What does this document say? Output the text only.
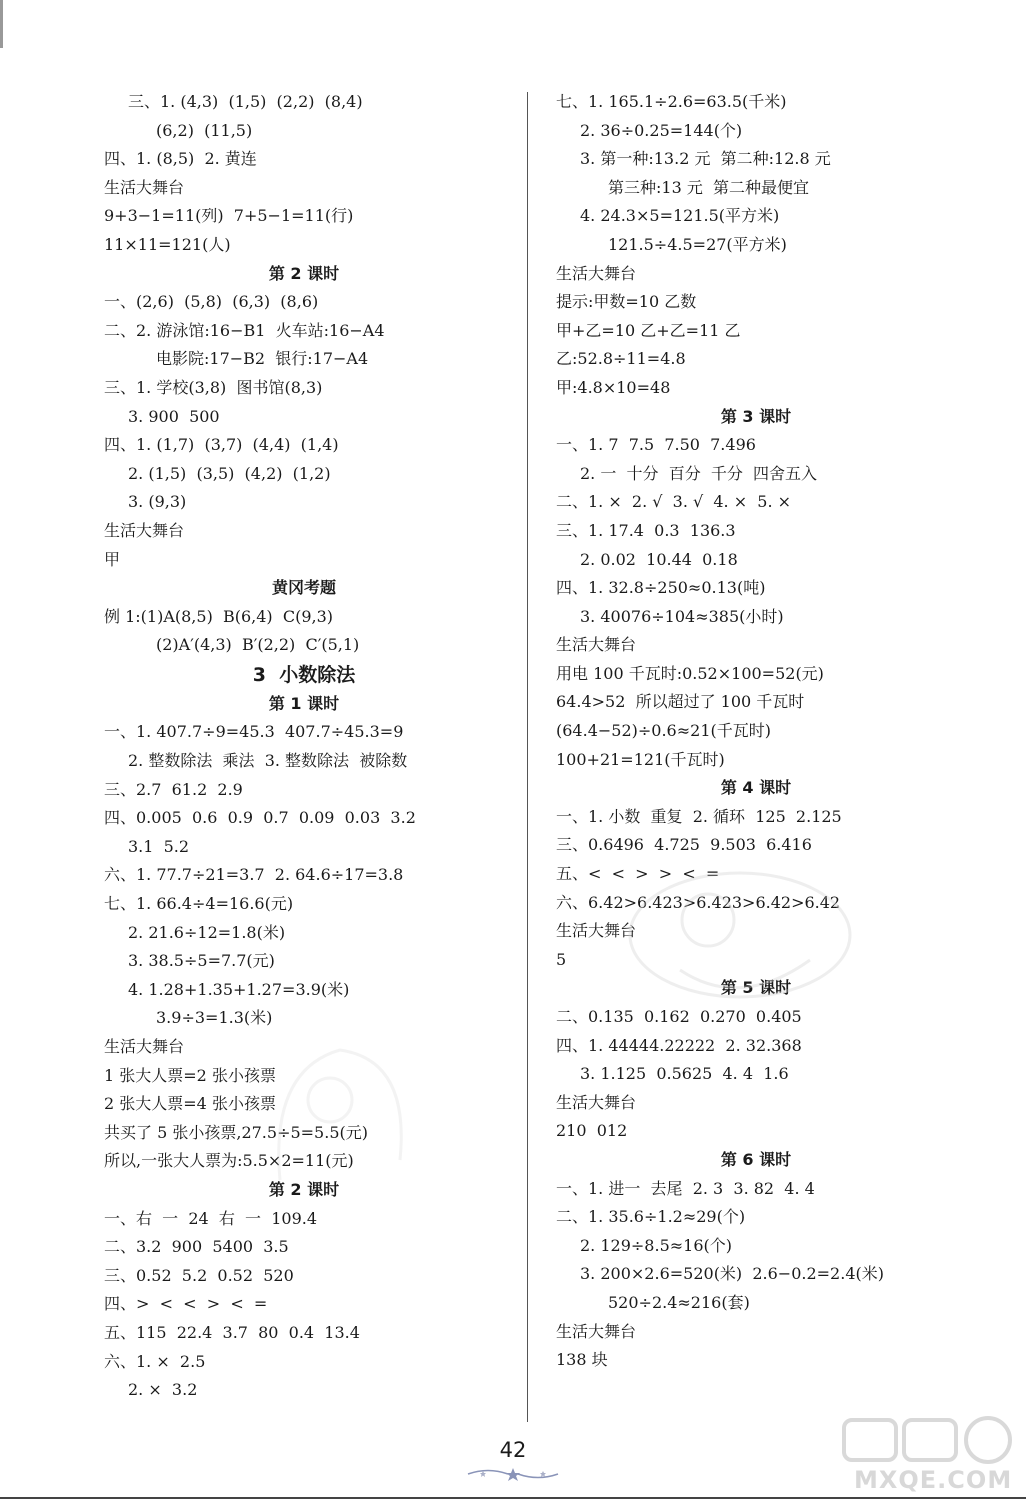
三、1. (4,3)  (1,5)  (2,2)  (8,4)
(6,2)  (11,5)
四、1. (8,5)  2. 黄连
生活大舞台
9+3−1=11(列)  7+5−1=11(行)
11×11=121(人)
第 2 课时
一、(2,6)  (5,8)  (6,3)  (8,6)
二、2. 游泳馆:16−B1  火车站:16−A4
电影院:17−B2  银行:17−A4
三、1. 学校(3,8)  图书馆(8,3)
3. 900  500
四、1. (1,7)  (3,7)  (4,4)  (1,4)
2. (1,5)  (3,5)  (4,2)  (1,2)
3. (9,3)
生活大舞台
甲
黄冈考题
例 1:(1)A(8,5)  B(6,4)  C(9,3)
(2)A′(4,3)  B′(2,2)  C′(5,1)
3  小数除法
第 1 课时
一、1. 407.7÷9=45.3  407.7÷45.3=9
2. 整数除法  乘法  3. 整数除法  被除数
三、2.7  61.2  2.9
四、0.005  0.6  0.9  0.7  0.09  0.03  3.2
3.1  5.2
六、1. 77.7÷21=3.7  2. 64.6÷17=3.8
七、1. 66.4÷4=16.6(元)
2. 21.6÷12=1.8(米)
3. 38.5÷5=7.7(元)
4. 1.28+1.35+1.27=3.9(米)
3.9÷3=1.3(米)
生活大舞台
1 张大人票=2 张小孩票
2 张大人票=4 张小孩票
共买了 5 张小孩票,27.5÷5=5.5(元)
所以,一张大人票为:5.5×2=11(元)
第 2 课时
一、右  一  24  右  一  109.4
二、3.2  900  5400  3.5
三、0.52  5.2  0.52  520
四、>  <  <  >  <  =
五、115  22.4  3.7  80  0.4  13.4
六、1. ×  2.5
2. ×  3.2
七、1. 165.1÷2.6=63.5(千米)
2. 36÷0.25=144(个)
3. 第一种:13.2 元  第二种:12.8 元
第三种:13 元  第二种最便宜
4. 24.3×5=121.5(平方米)
121.5÷4.5=27(平方米)
生活大舞台
提示:甲数=10 乙数
甲+乙=10 乙+乙=11 乙
乙:52.8÷11=4.8
甲:4.8×10=48
第 3 课时
一、1. 7  7.5  7.50  7.496
2. 一  十分  百分  千分  四舍五入
二、1. ×  2. √  3. √  4. ×  5. ×
三、1. 17.4  0.3  136.3
2. 0.02  10.44  0.18
四、1. 32.8÷250≈0.13(吨)
3. 40076÷104≈385(小时)
生活大舞台
用电 100 千瓦时:0.52×100=52(元)
64.4>52  所以超过了 100 千瓦时
(64.4−52)÷0.6≈21(千瓦时)
100+21=121(千瓦时)
第 4 课时
一、1. 小数  重复  2. 循环  125  2.125
三、0.6496  4.725  9.503  6.416
五、<  <  >  >  <  =
六、6.42>6.423>6.423>6.42>6.42
生活大舞台
5
第 5 课时
二、0.135  0.162  0.270  0.405
四、1. 44444.22222  2. 32.368
3. 1.125  0.5625  4. 4  1.6
生活大舞台
210  012
第 6 课时
一、1. 进一  去尾  2. 3  3. 82  4. 4
二、1. 35.6÷1.2≈29(个)
2. 129÷8.5≈16(个)
3. 200×2.6=520(米)  2.6−0.2=2.4(米)
520÷2.4≈216(套)
生活大舞台
138 块
42
MXQE.COM
